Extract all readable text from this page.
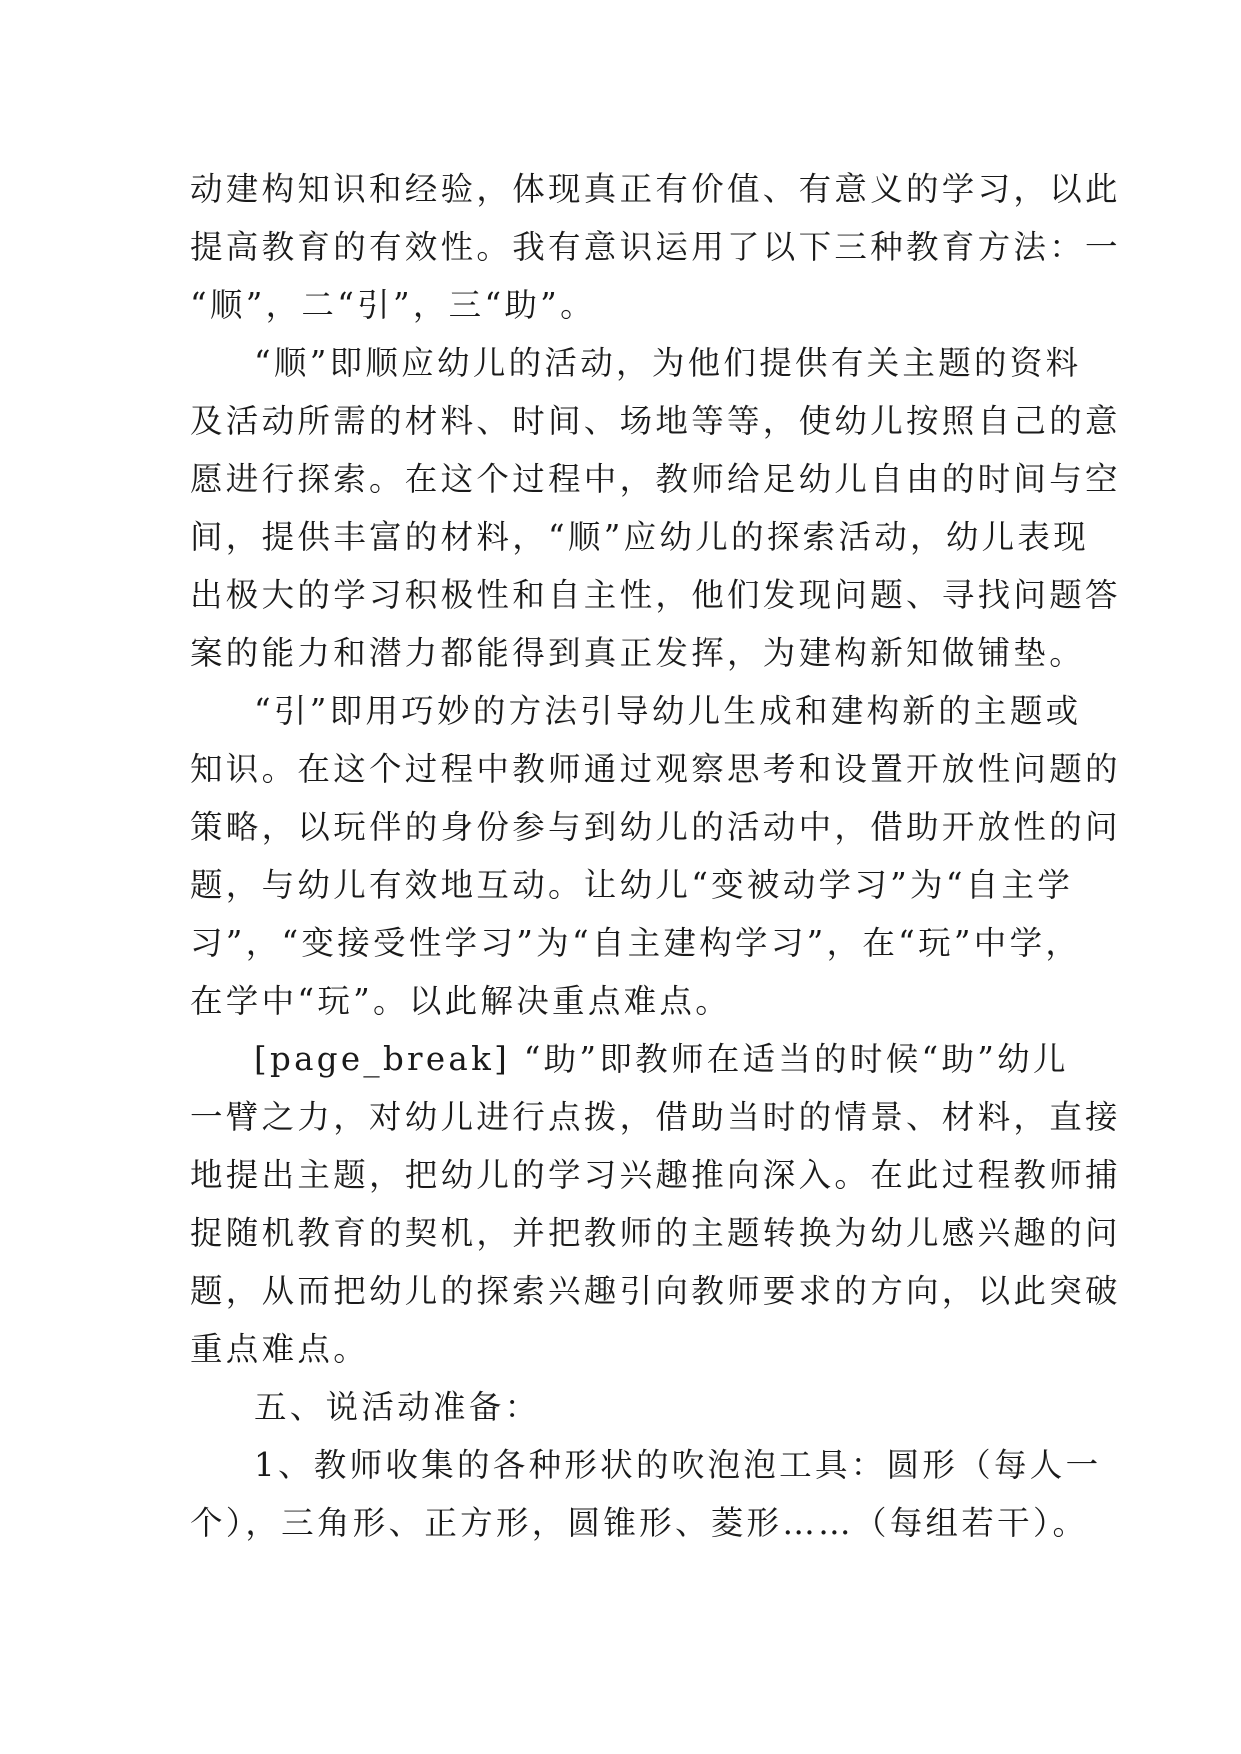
动建构知识和经验，体现真正有价值、有意义的学习，以此
提高教育的有效性。我有意识运用了以下三种教育方法：一
“顺”，二“引”，三“助”。
“顺”即顺应幼儿的活动，为他们提供有关主题的资料
及活动所需的材料、时间、场地等等，使幼儿按照自己的意
愿进行探索。在这个过程中，教师给足幼儿自由的时间与空
间，提供丰富的材料，“顺”应幼儿的探索活动，幼儿表现
出极大的学习积极性和自主性，他们发现问题、寻找问题答
案的能力和潜力都能得到真正发挥，为建构新知做铺垫。
“引”即用巧妙的方法引导幼儿生成和建构新的主题或
知识。在这个过程中教师通过观察思考和设置开放性问题的
策略，以玩伴的身份参与到幼儿的活动中，借助开放性的问
题，与幼儿有效地互动。让幼儿“变被动学习”为“自主学
习”，“变接受性学习”为“自主建构学习”，在“玩”中学，
在学中“玩”。以此解决重点难点。
[page_break] “助”即教师在适当的时候“助”幼儿
一臂之力，对幼儿进行点拨，借助当时的情景、材料，直接
地提出主题，把幼儿的学习兴趣推向深入。在此过程教师捕
捉随机教育的契机，并把教师的主题转换为幼儿感兴趣的问
题，从而把幼儿的探索兴趣引向教师要求的方向，以此突破
重点难点。
五、说活动准备：
1、教师收集的各种形状的吹泡泡工具：圆形（每人一
个），三角形、正方形，圆锥形、菱形……（每组若干）。
